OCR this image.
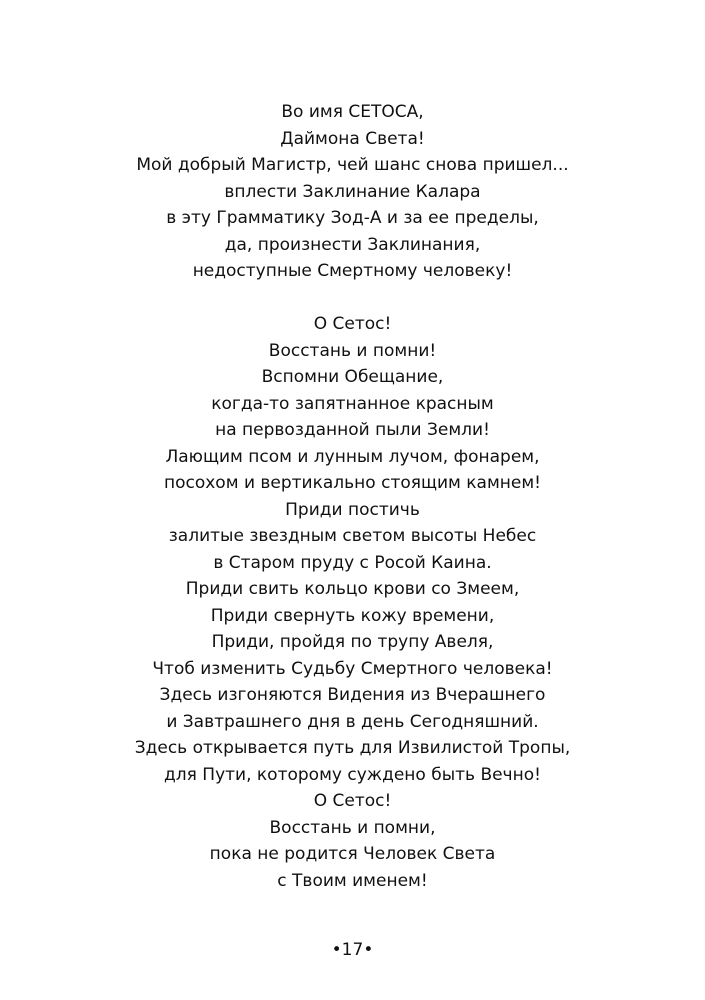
Во имя СЕТОСА,
Даймона Света!
Мой добрый Магистр, чей шанс снова пришел...
вплести Заклинание Калара
в эту Грамматику Зод-А и за ее пределы,
да, произнести Заклинания,
недоступные Смертному человеку!
О Сетос!
Восстань и помни!
Вспомни Обещание,
когда-то запятнанное красным
на первозданной пыли Земли!
Лающим псом и лунным лучом, фонарем,
посохом и вертикально стоящим камнем!
Приди постичь
залитые звездным светом высоты Небес
в Старом пруду с Росой Каина.
Приди свить кольцо крови со Змеем,
Приди свернуть кожу времени,
Приди, пройдя по трупу Авеля,
Чтоб изменить Судьбу Смертного человека!
Здесь изгоняются Видения из Вчерашнего
и Завтрашнего дня в день Сегодняшний.
Здесь открывается путь для Извилистой Тропы,
для Пути, которому суждено быть Вечно!
О Сетос!
Восстань и помни,
пока не родится Человек Света
с Твоим именем!
•17•
